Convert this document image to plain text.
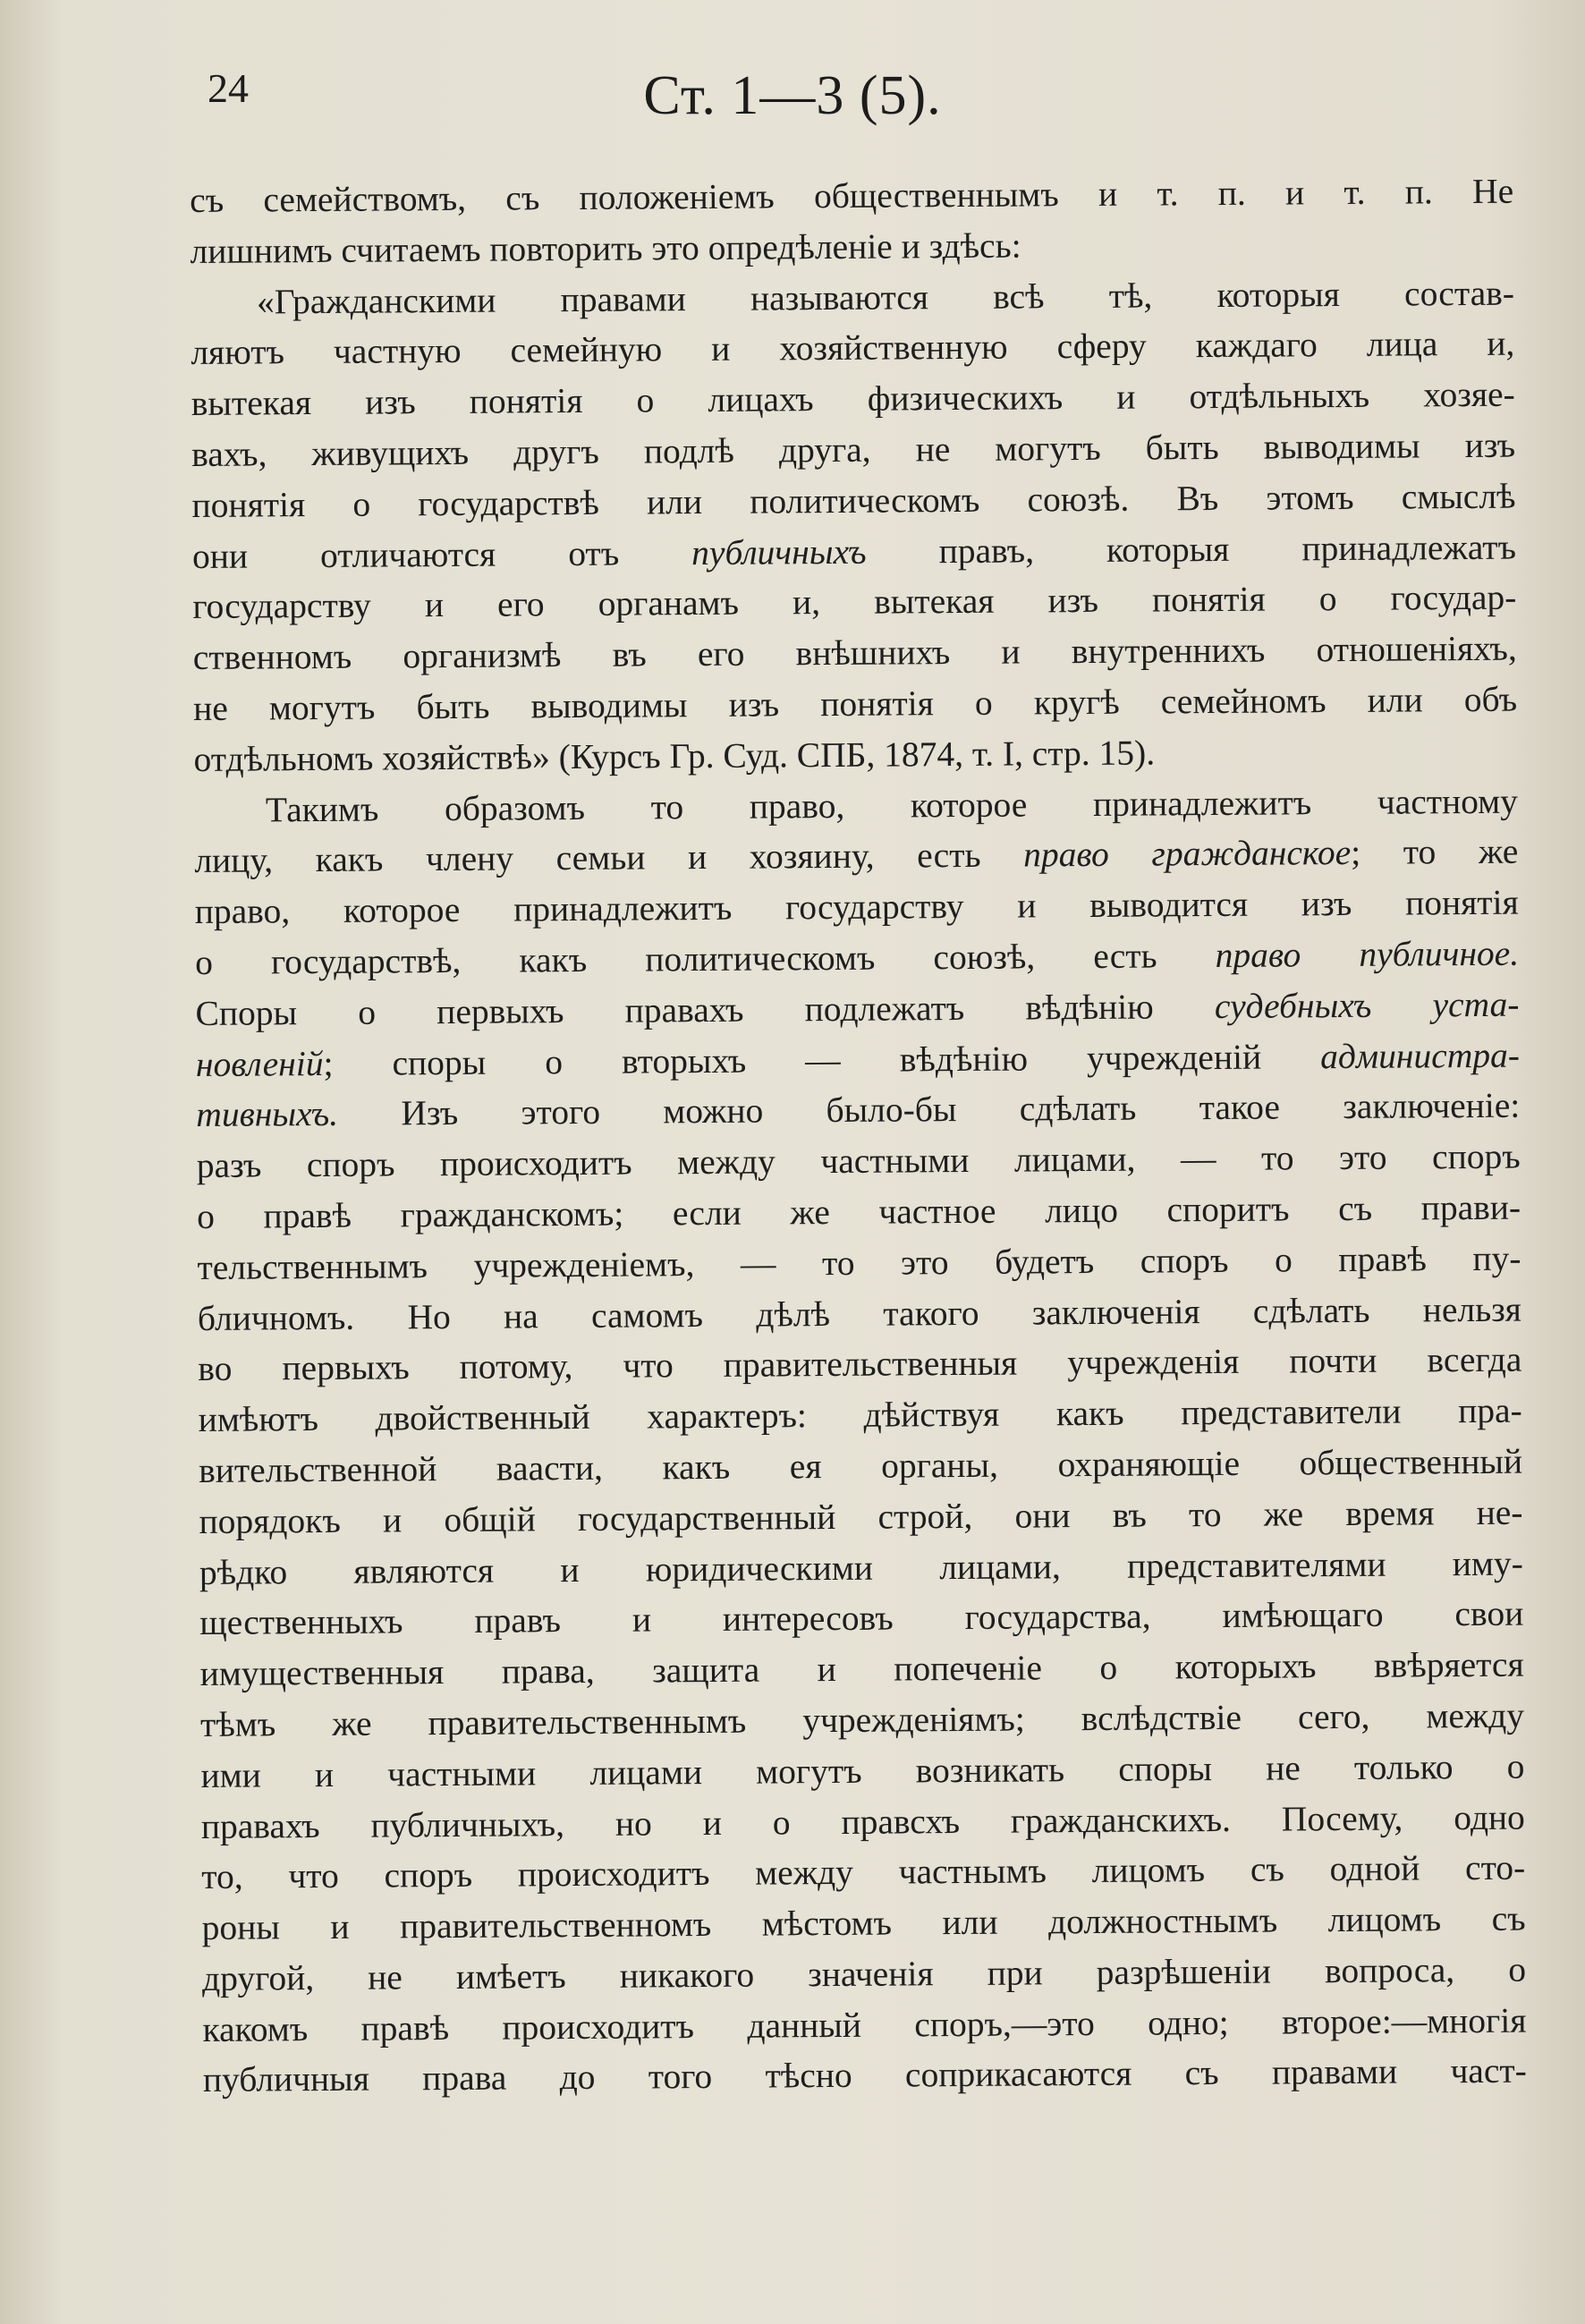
24	Ст. 1—3 (5).
съ семействомъ, съ положеніемъ общественнымъ и т. п. и т. п. Не
лишнимъ считаемъ повторить это опредѣленіе и здѣсь:
«Гражданскими правами называются всѣ тѣ, которыя состав-
ляютъ частную семейную и хозяйственную сферу каждаго лица и,
вытекая изъ понятія о лицахъ физическихъ и отдѣльныхъ хозяе-
вахъ, живущихъ другъ подлѣ друга, не могутъ быть выводимы изъ
понятія о государствѣ или политическомъ союзѣ. Въ этомъ смыслѣ
они отличаются отъ публичныхъ правъ, которыя принадлежатъ
государству и его органамъ и, вытекая изъ понятія о государ-
ственномъ организмѣ въ его внѣшнихъ и внутреннихъ отношеніяхъ,
не могутъ быть выводимы изъ понятія о кругѣ семейномъ или объ
отдѣльномъ хозяйствѣ» (Курсъ Гр. Суд. СПБ, 1874, т. I, стр. 15).
Такимъ образомъ то право, которое принадлежитъ частному
лицу, какъ члену семьи и хозяину, есть право гражданское; то же
право, которое принадлежитъ государству и выводится изъ понятія
о государствѣ, какъ политическомъ союзѣ, есть право публичное.
Споры о первыхъ правахъ подлежатъ вѣдѣнію судебныхъ уста-
новленій; споры о вторыхъ — вѣдѣнію учрежденій администра-
тивныхъ. Изъ этого можно было-бы сдѣлать такое заключеніе:
разъ споръ происходитъ между частными лицами, — то это споръ
о правѣ гражданскомъ; если же частное лицо споритъ съ прави-
тельственнымъ учрежденіемъ, — то это будетъ споръ о правѣ пу-
бличномъ. Но на самомъ дѣлѣ такого заключенія сдѣлать нельзя
во первыхъ потому, что правительственныя учрежденія почти всегда
имѣютъ двойственный характеръ: дѣйствуя какъ представители пра-
вительственной ваасти, какъ ея органы, охраняющіе общественный
порядокъ и общій государственный строй, они въ то же время не-
рѣдко являются и юридическими лицами, представителями иму-
щественныхъ правъ и интересовъ государства, имѣющаго свои
имущественныя права, защита и попеченіе о которыхъ ввѣряется
тѣмъ же правительственнымъ учрежденіямъ; вслѣдствіе сего, между
ими и частными лицами могутъ возникать споры не только о
правахъ публичныхъ, но и о правсхъ гражданскихъ. Посему, одно
то, что споръ происходитъ между частнымъ лицомъ съ одной сто-
роны и правительственномъ мѣстомъ или должностнымъ лицомъ съ
другой, не имѣетъ никакого значенія при разрѣшеніи вопроса, о
какомъ правѣ происходитъ данный споръ,—это одно; второе:—многія
публичныя права до того тѣсно соприкасаются съ правами част-
